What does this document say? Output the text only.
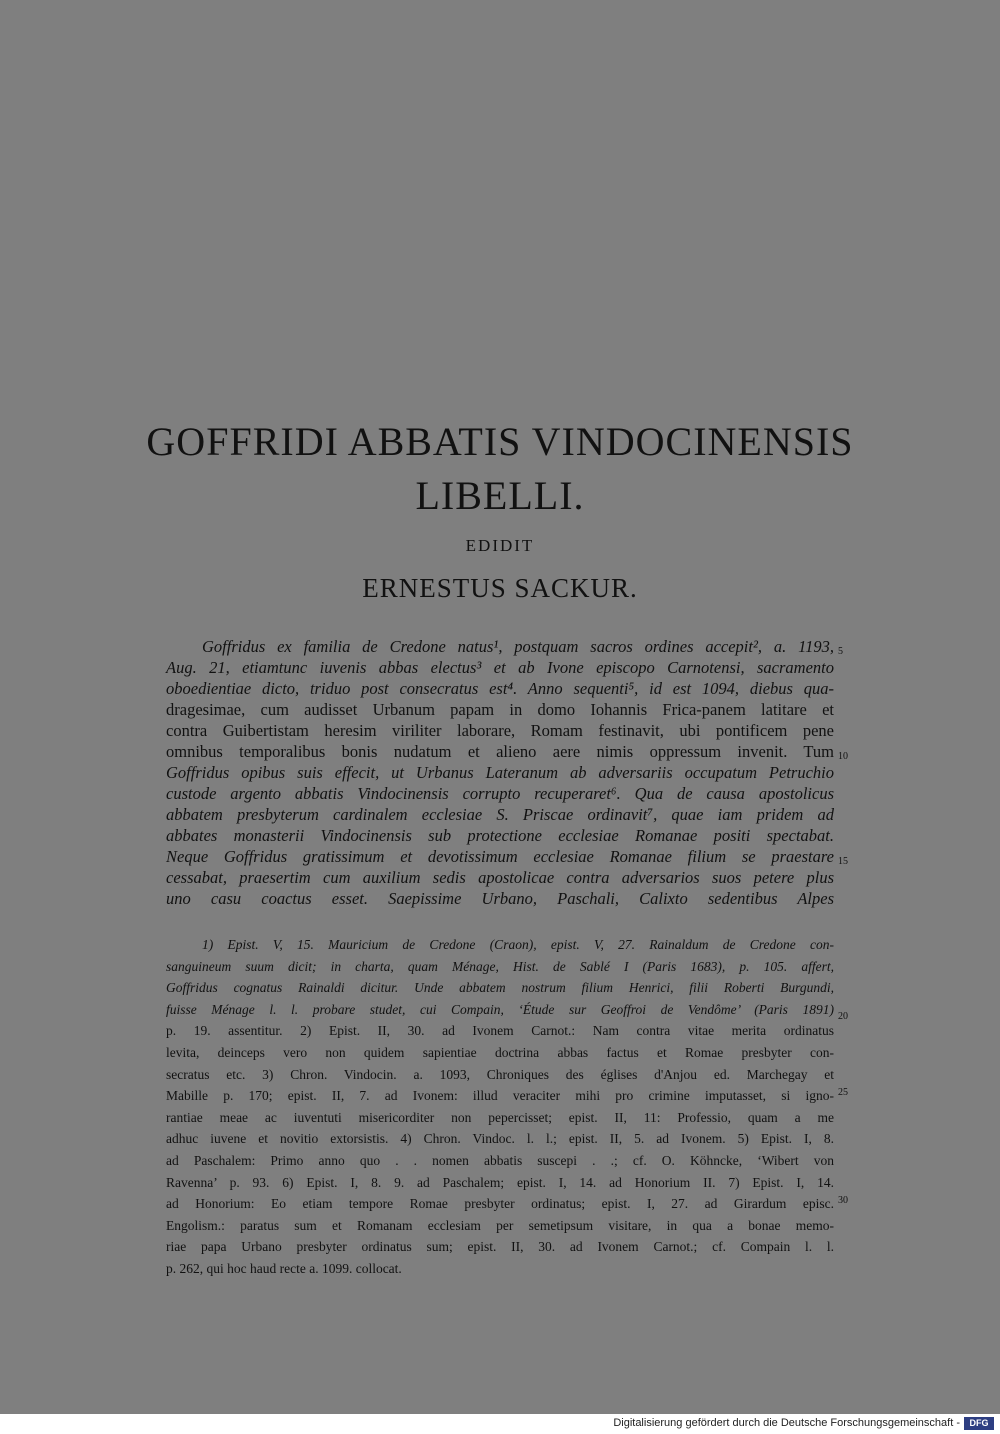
GOFFRIDI ABBATIS VINDOCINENSIS
LIBELLI.
EDIDIT
ERNESTUS SACKUR.
Goffridus ex familia de Credone natus¹, postquam sacros ordines accepit², a. 1193,
Aug. 21, etiamtunc iuvenis abbas electus³ et ab Ivone episcopo Carnotensi, sacramento
oboedientiae dicto, triduo post consecratus est⁴. Anno sequenti⁵, id est 1094, diebus qua-
dragesimae, cum audisset Urbanum papam in domo Iohannis Frica-panem latitare et
contra Guibertistam heresim viriliter laborare, Romam festinavit, ubi pontificem pene
omnibus temporalibus bonis nudatum et alieno aere nimis oppressum invenit. Tum
Goffridus opibus suis effecit, ut Urbanus Lateranum ab adversariis occupatum Petruchio
custode argento abbatis Vindocinensis corrupto recuperaret⁶. Qua de causa apostolicus
abbatem presbyterum cardinalem ecclesiae S. Priscae ordinavit⁷, quae iam pridem ad
abbates monasterii Vindocinensis sub protectione ecclesiae Romanae positi spectabat.
Neque Goffridus gratissimum et devotissimum ecclesiae Romanae filium se praestare
cessabat, praesertim cum auxilium sedis apostolicae contra adversarios suos petere plus
uno casu coactus esset. Saepissime Urbano, Paschali, Calixto sedentibus Alpes
1) Epist. V, 15. Mauricium de Credone (Craon), epist. V, 27. Rainaldum de Credone con-
sanguineum suum dicit; in charta, quam Ménage, Hist. de Sablé I (Paris 1683), p. 105. affert,
Goffridus cognatus Rainaldi dicitur. Unde abbatem nostrum filium Henrici, filii Roberti Burgundi,
fuisse Ménage l. l. probare studet, cui Compain, ‘Étude sur Geoffroi de Vendôme’ (Paris 1891)
p. 19. assentitur. 2) Epist. II, 30. ad Ivonem Carnot.: Nam contra vitae merita ordinatus
levita, deinceps vero non quidem sapientiae doctrina abbas factus et Romae presbyter con-
secratus etc. 3) Chron. Vindocin. a. 1093, Chroniques des églises d'Anjou ed. Marchegay et
Mabille p. 170; epist. II, 7. ad Ivonem: illud veraciter mihi pro crimine imputasset, si igno-
rantiae meae ac iuventuti misericorditer non pepercisset; epist. II, 11: Professio, quam a me
adhuc iuvene et novitio extorsistis. 4) Chron. Vindoc. l. l.; epist. II, 5. ad Ivonem. 5) Epist. I, 8.
ad Paschalem: Primo anno quo . . nomen abbatis suscepi . .; cf. O. Köhncke, ‘Wibert von
Ravenna’ p. 93. 6) Epist. I, 8. 9. ad Paschalem; epist. I, 14. ad Honorium II. 7) Epist. I, 14.
ad Honorium: Eo etiam tempore Romae presbyter ordinatus; epist. I, 27. ad Girardum episc.
Engolism.: paratus sum et Romanam ecclesiam per semetipsum visitare, in qua a bonae memo-
riae papa Urbano presbyter ordinatus sum; epist. II, 30. ad Ivonem Carnot.; cf. Compain l. l.
p. 262, qui hoc haud recte a. 1099. collocat.
5
10
15
20
25
30
Digitalisierung gefördert durch die Deutsche Forschungsgemeinschaft -	DFG
